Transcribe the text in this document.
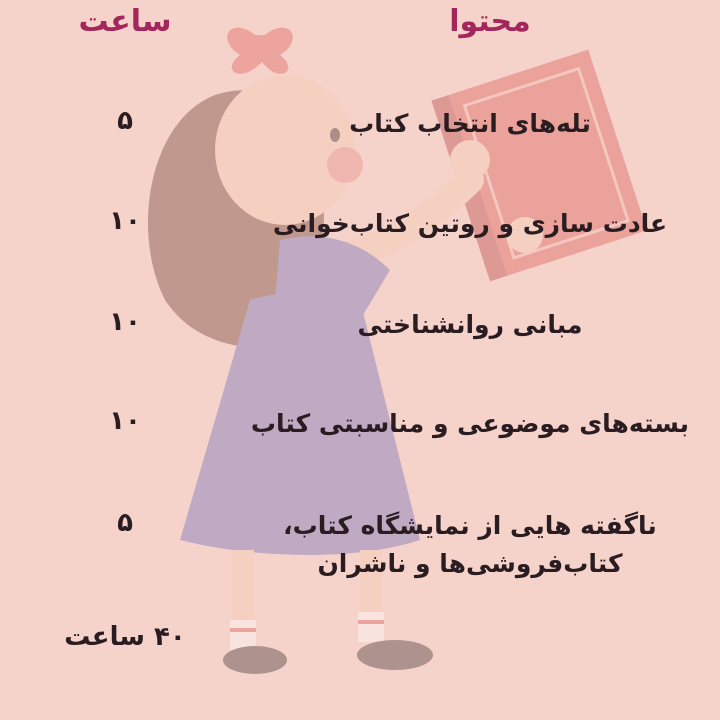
محتوا
ساعت
تله‌های انتخاب کتاب
۵
عادت سازی و روتین کتاب‌خوانی
۱۰
مبانی روانشناختی
۱۰
بسته‌های موضوعی و مناسبتی کتاب
۱۰
ناگفته هایی از نمایشگاه کتاب،
کتاب‌فروشی‌ها و ناشران
۵
۴۰ ساعت
